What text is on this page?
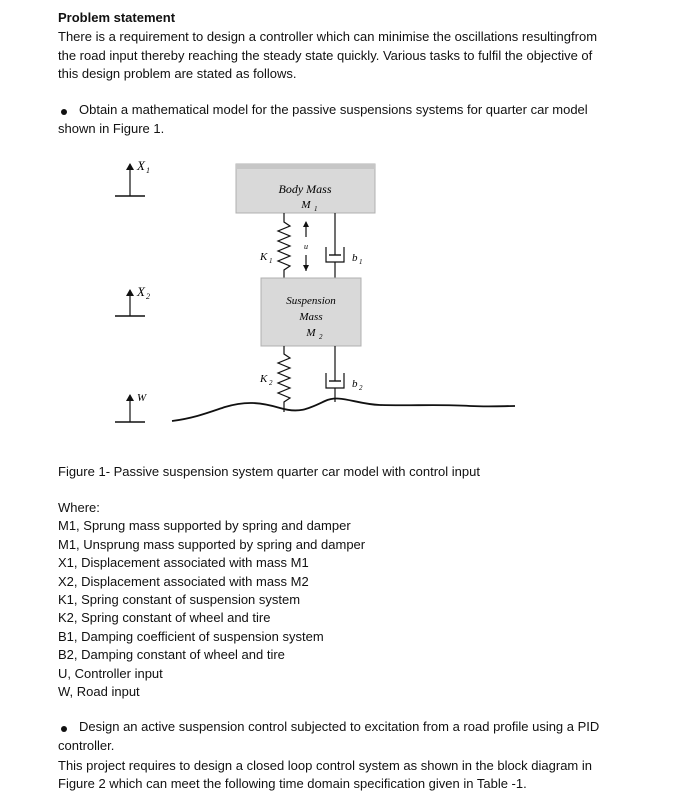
Problem statement
There is a requirement to design a controller which can minimise the oscillations resultingfrom
the road input thereby reaching the steady state quickly. Various tasks to fulfil the objective of
this design problem are stated as follows.
Obtain a mathematical model for the passive suspensions systems for quarter car model
shown in Figure 1.
X 1
X 2
W
Body Mass
M 1
K 1
u
b 1
Suspension
Mass
M 2
K 2	b 2
Figure 1- Passive suspension system quarter car model with control input
Where:
M1, Sprung mass supported by spring and damper
M1, Unsprung mass supported by spring and damper
X1, Displacement associated with mass M1
X2, Displacement associated with mass M2
K1, Spring constant of suspension system
K2, Spring constant of wheel and tire
B1, Damping coefficient of suspension system
B2, Damping constant of wheel and tire
U, Controller input
W, Road input
Design an active suspension control subjected to excitation from a road profile using a PID
controller.
This project requires to design a closed loop control system as shown in the block diagram in
Figure 2 which can meet the following time domain specification given in Table -1.
